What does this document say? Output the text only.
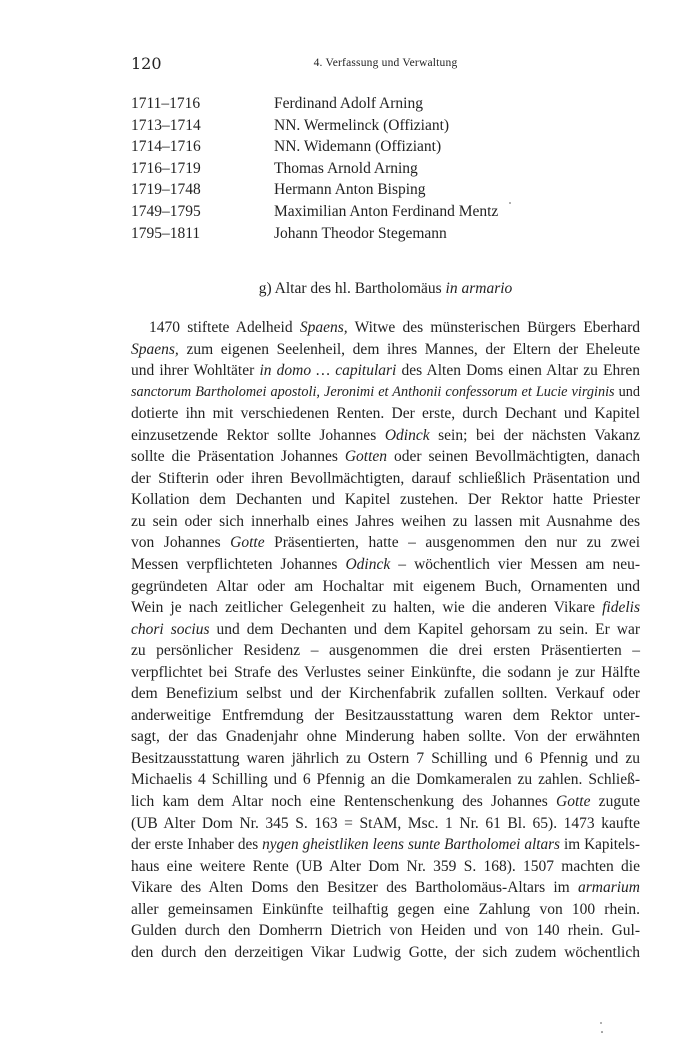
120	4. Verfassung und Verwaltung
1711–1716	Ferdinand Adolf Arning
1713–1714	NN. Wermelinck (Offiziant)
1714–1716	NN. Widemann (Offiziant)
1716–1719	Thomas Arnold Arning
1719–1748	Hermann Anton Bisping
1749–1795	Maximilian Anton Ferdinand Mentz
1795–1811	Johann Theodor Stegemann
g) Altar des hl. Bartholomäus in armario
1470 stiftete Adelheid Spaens, Witwe des münsterischen Bürgers Eberhard
Spaens, zum eigenen Seelenheil, dem ihres Mannes, der Eltern der Eheleute
und ihrer Wohltäter in domo … capitulari des Alten Doms einen Altar zu Ehren
sanctorum Bartholomei apostoli, Jeronimi et Anthonii confessorum et Lucie virginis und
dotierte ihn mit verschiedenen Renten. Der erste, durch Dechant und Kapitel
einzusetzende Rektor sollte Johannes Odinck sein; bei der nächsten Vakanz
sollte die Präsentation Johannes Gotten oder seinen Bevollmächtigten, danach
der Stifterin oder ihren Bevollmächtigten, darauf schließlich Präsentation und
Kollation dem Dechanten und Kapitel zustehen. Der Rektor hatte Priester
zu sein oder sich innerhalb eines Jahres weihen zu lassen mit Ausnahme des
von Johannes Gotte Präsentierten, hatte – ausgenommen den nur zu zwei
Messen verpflichteten Johannes Odinck – wöchentlich vier Messen am neu-
gegründeten Altar oder am Hochaltar mit eigenem Buch, Ornamenten und
Wein je nach zeitlicher Gelegenheit zu halten, wie die anderen Vikare fidelis
chori socius und dem Dechanten und dem Kapitel gehorsam zu sein. Er war
zu persönlicher Residenz – ausgenommen die drei ersten Präsentierten –
verpflichtet bei Strafe des Verlustes seiner Einkünfte, die sodann je zur Hälfte
dem Benefizium selbst und der Kirchenfabrik zufallen sollten. Verkauf oder
anderweitige Entfremdung der Besitzausstattung waren dem Rektor unter-
sagt, der das Gnadenjahr ohne Minderung haben sollte. Von der erwähnten
Besitzausstattung waren jährlich zu Ostern 7 Schilling und 6 Pfennig und zu
Michaelis 4 Schilling und 6 Pfennig an die Domkameralen zu zahlen. Schließ-
lich kam dem Altar noch eine Rentenschenkung des Johannes Gotte zugute
(UB Alter Dom Nr. 345 S. 163 = StAM, Msc. 1 Nr. 61 Bl. 65). 1473 kaufte
der erste Inhaber des nygen gheistliken leens sunte Bartholomei altars im Kapitels-
haus eine weitere Rente (UB Alter Dom Nr. 359 S. 168). 1507 machten die
Vikare des Alten Doms den Besitzer des Bartholomäus-Altars im armarium
aller gemeinsamen Einkünfte teilhaftig gegen eine Zahlung von 100 rhein.
Gulden durch den Domherrn Dietrich von Heiden und von 140 rhein. Gul-
den durch den derzeitigen Vikar Ludwig Gotte, der sich zudem wöchentlich
